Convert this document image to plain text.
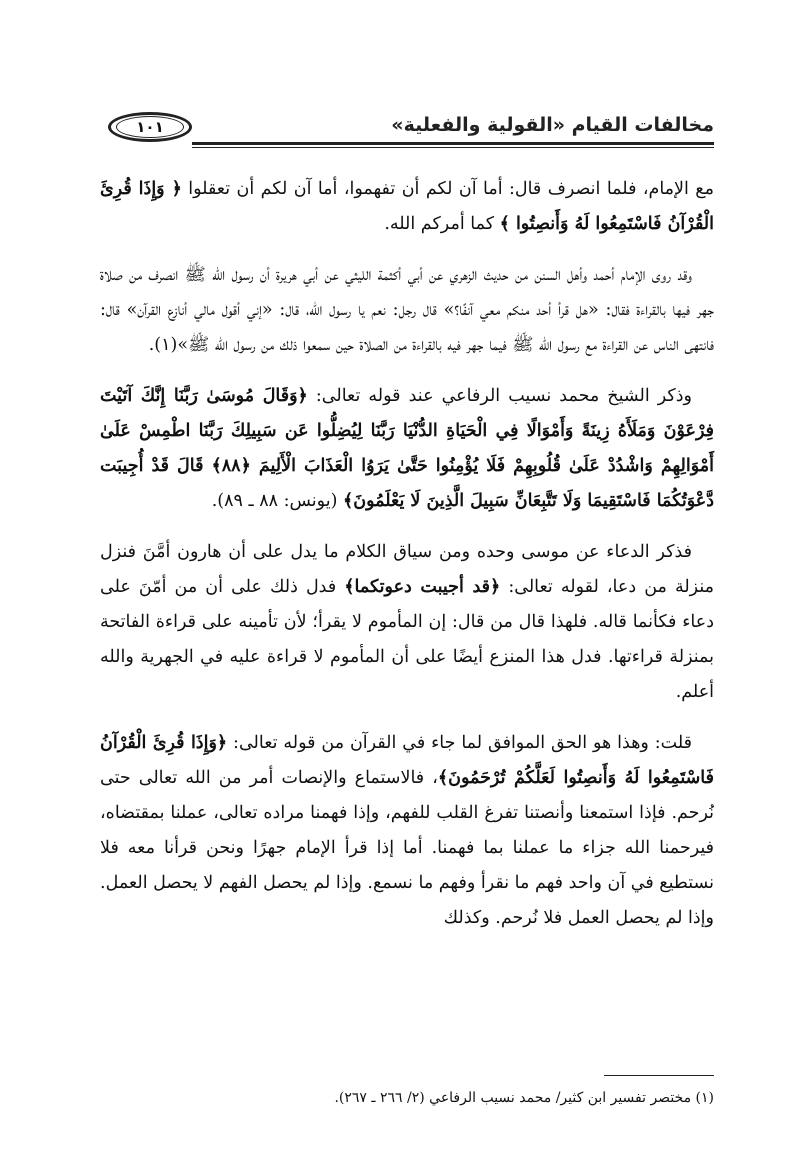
١٠١	مخالفات القيام «القولية والفعلية»

مع الإمام، فلما انصرف قال: أما آن لكم أن تفهموا، أما آن لكم أن تعقلوا ﴿ وَإِذَا قُرِئَ الْقُرْآنُ فَاسْتَمِعُوا لَهُ وَأَنصِتُوا ﴾ كما أمركم الله.

وقد روى الإمام أحمد وأهل السنن من حديث الزهري عن أبي أكثمة الليثي عن أبي هريرة أن رسول الله ﷺ انصرف من صلاة جهر فيها بالقراءة فقال: «هل قرأ أحد منكم معي آنفًا؟» قال رجل: نعم يا رسول الله، قال: «إني أقول مالي أنازع القرآن» قال: فانتهى الناس عن القراءة مع رسول الله ﷺ فيما جهر فيه بالقراءة من الصلاة حين سمعوا ذلك من رسول الله ﷺ»(١).

وذكر الشيخ محمد نسيب الرفاعي عند قوله تعالى: ﴿وَقَالَ مُوسَىٰ رَبَّنَا إِنَّكَ آتَيْتَ فِرْعَوْنَ وَمَلَأَهُ زِينَةً وَأَمْوَالًا فِي الْحَيَاةِ الدُّنْيَا رَبَّنَا لِيُضِلُّوا عَن سَبِيلِكَ رَبَّنَا اطْمِسْ عَلَىٰ أَمْوَالِهِمْ وَاشْدُدْ عَلَىٰ قُلُوبِهِمْ فَلَا يُؤْمِنُوا حَتَّىٰ يَرَوُا الْعَذَابَ الْأَلِيمَ ﴿٨٨﴾ قَالَ قَدْ أُجِيبَت دَّعْوَتُكُمَا فَاسْتَقِيمَا وَلَا تَتَّبِعَانِّ سَبِيلَ الَّذِينَ لَا يَعْلَمُونَ﴾ (يونس: ٨٨ ـ ٨٩).

فذكر الدعاء عن موسى وحده ومن سياق الكلام ما يدل على أن هارون أمَّنَ فنزل منزلة من دعا، لقوله تعالى: ﴿قد أجيبت دعوتكما﴾ فدل ذلك على أن من أمّنَ على دعاء فكأنما قاله. فلهذا قال من قال: إن المأموم لا يقرأ؛ لأن تأمينه على قراءة الفاتحة بمنزلة قراءتها. فدل هذا المنزع أيضًا على أن المأموم لا قراءة عليه في الجهرية والله أعلم.

قلت: وهذا هو الحق الموافق لما جاء في القرآن من قوله تعالى: ﴿وَإِذَا قُرِئَ الْقُرْآنُ فَاسْتَمِعُوا لَهُ وَأَنصِتُوا لَعَلَّكُمْ تُرْحَمُونَ﴾، فالاستماع والإنصات أمر من الله تعالى حتى نُرحم. فإذا استمعنا وأنصتنا تفرغ القلب للفهم، وإذا فهمنا مراده تعالى، عملنا بمقتضاه، فيرحمنا الله جزاء ما عملنا بما فهمنا. أما إذا قرأ الإمام جهرًا ونحن قرأنا معه فلا نستطيع في آن واحد فهم ما نقرأ وفهم ما نسمع. وإذا لم يحصل الفهم لا يحصل العمل. وإذا لم يحصل العمل فلا نُرحم. وكذلك

(١) مختصر تفسير ابن كثير/ محمد نسيب الرفاعي (٢/ ٢٦٦ ـ ٢٦٧).
